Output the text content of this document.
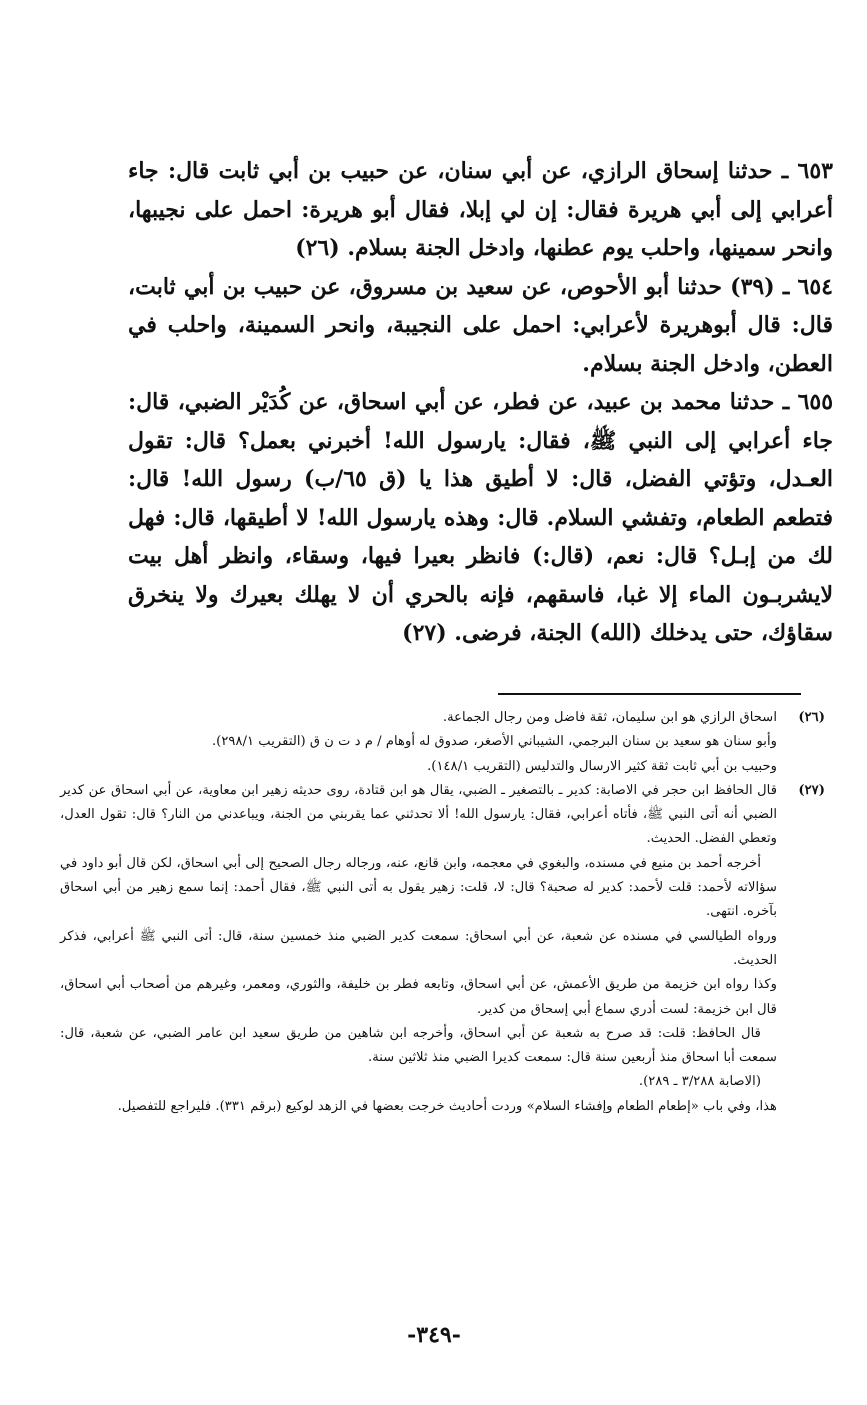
٦٥٣ ـ حدثنا إسحاق الرازي، عن أبي سنان، عن حبيب بن أبي ثابت قال: جاء أعرابي إلى أبي هريرة فقال: إن لي إبلا، فقال أبو هريرة: احمل على نجيبها، وانحر سمينها، واحلب يوم عطنها، وادخل الجنة بسلام. (٢٦)

٦٥٤ ـ (٣٩) حدثنا أبو الأحوص، عن سعيد بن مسروق، عن حبيب بن أبي ثابت، قال: قال أبوهريرة لأعرابي: احمل على النجيبة، وانحر السمينة، واحلب في العطن، وادخل الجنة بسلام.

٦٥٥ ـ حدثنا محمد بن عبيد، عن فطر، عن أبي اسحاق، عن كُدَيْر الضبي، قال: جاء أعرابي إلى النبي ﷺ، فقال: يارسول الله! أخبرني بعمل؟ قال: تقول العـدل، وتؤتي الفضل، قال: لا أطيق هذا يا (ق ٦٥/ب) رسول الله! قال: فتطعم الطعام، وتفشي السلام. قال: وهذه يارسول الله! لا أطيقها، قال: فهل لك من إبـل؟ قال: نعم، (قال:) فانظر بعيرا فيها، وسقاء، وانظر أهل بيت لايشربـون الماء إلا غبا، فاسقهم، فإنه بالحري أن لا يهلك بعيرك ولا ينخرق سقاؤك، حتى يدخلك (الله) الجنة، فرضى. (٢٧)

(٢٦)

اسحاق الرازي هو ابن سليمان، ثقة فاضل ومن رجال الجماعة.

وأبو سنان هو سعيد بن سنان البرجمي، الشيباني الأصغر، صدوق له أوهام / م د ت ن ق (التقريب ٢٩٨/١).

وحبيب بن أبي ثابت ثقة كثير الارسال والتدليس (التقريب ١٤٨/١).

(٢٧)

قال الحافظ ابن حجر في الاصابة: كدير ـ بالتصغير ـ الضبي، يقال هو ابن قتادة، روى حديثه زهير ابن معاوية، عن أبي اسحاق عن كدير الضبي أنه أتى النبي ﷺ، فأتاه أعرابي، فقال: يارسول الله! ألا تحدثني عما يقربني من الجنة، ويباعدني من النار؟ قال: تقول العدل، وتعطي الفضل. الحديث.

أخرجه أحمد بن منيع في مسنده، والبغوي في معجمه، وابن قانع، عنه، ورجاله رجال الصحيح إلى أبي اسحاق، لكن قال أبو داود في سؤالاته لأحمد: قلت لأحمد: كدير له صحبة؟ قال: لا، قلت: زهير يقول به أتى النبي ﷺ، فقال أحمد: إنما سمع زهير من أبي اسحاق بآخره. انتهى.

ورواه الطيالسي في مسنده عن شعبة، عن أبي اسحاق: سمعت كدير الضبي منذ خمسين سنة، قال: أتى النبي ﷺ أعرابي، فذكر الحديث.

وكذا رواه ابن خزيمة من طريق الأعمش، عن أبي اسحاق، وتابعه فطر بن خليفة، والثوري، ومعمر، وغيرهم من أصحاب أبي اسحاق، قال ابن خزيمة: لست أدري سماع أبي إسحاق من كدير.

قال الحافظ: قلت: قد صرح به شعبة عن أبي اسحاق، وأخرجه ابن شاهين من طريق سعيد ابن عامر الضبي، عن شعبة، قال: سمعت أبا اسحاق منذ أربعين سنة قال: سمعت كديرا الضبي منذ ثلاثين سنة.

(الاصابة ٣/٢٨٨ ـ ٢٨٩).

هذا، وفي باب «إطعام الطعام وإفشاء السلام» وردت أحاديث خرجت بعضها في الزهد لوكيع (برقم ٣٣١). فليراجع للتفصيل.

-٣٤٩-
